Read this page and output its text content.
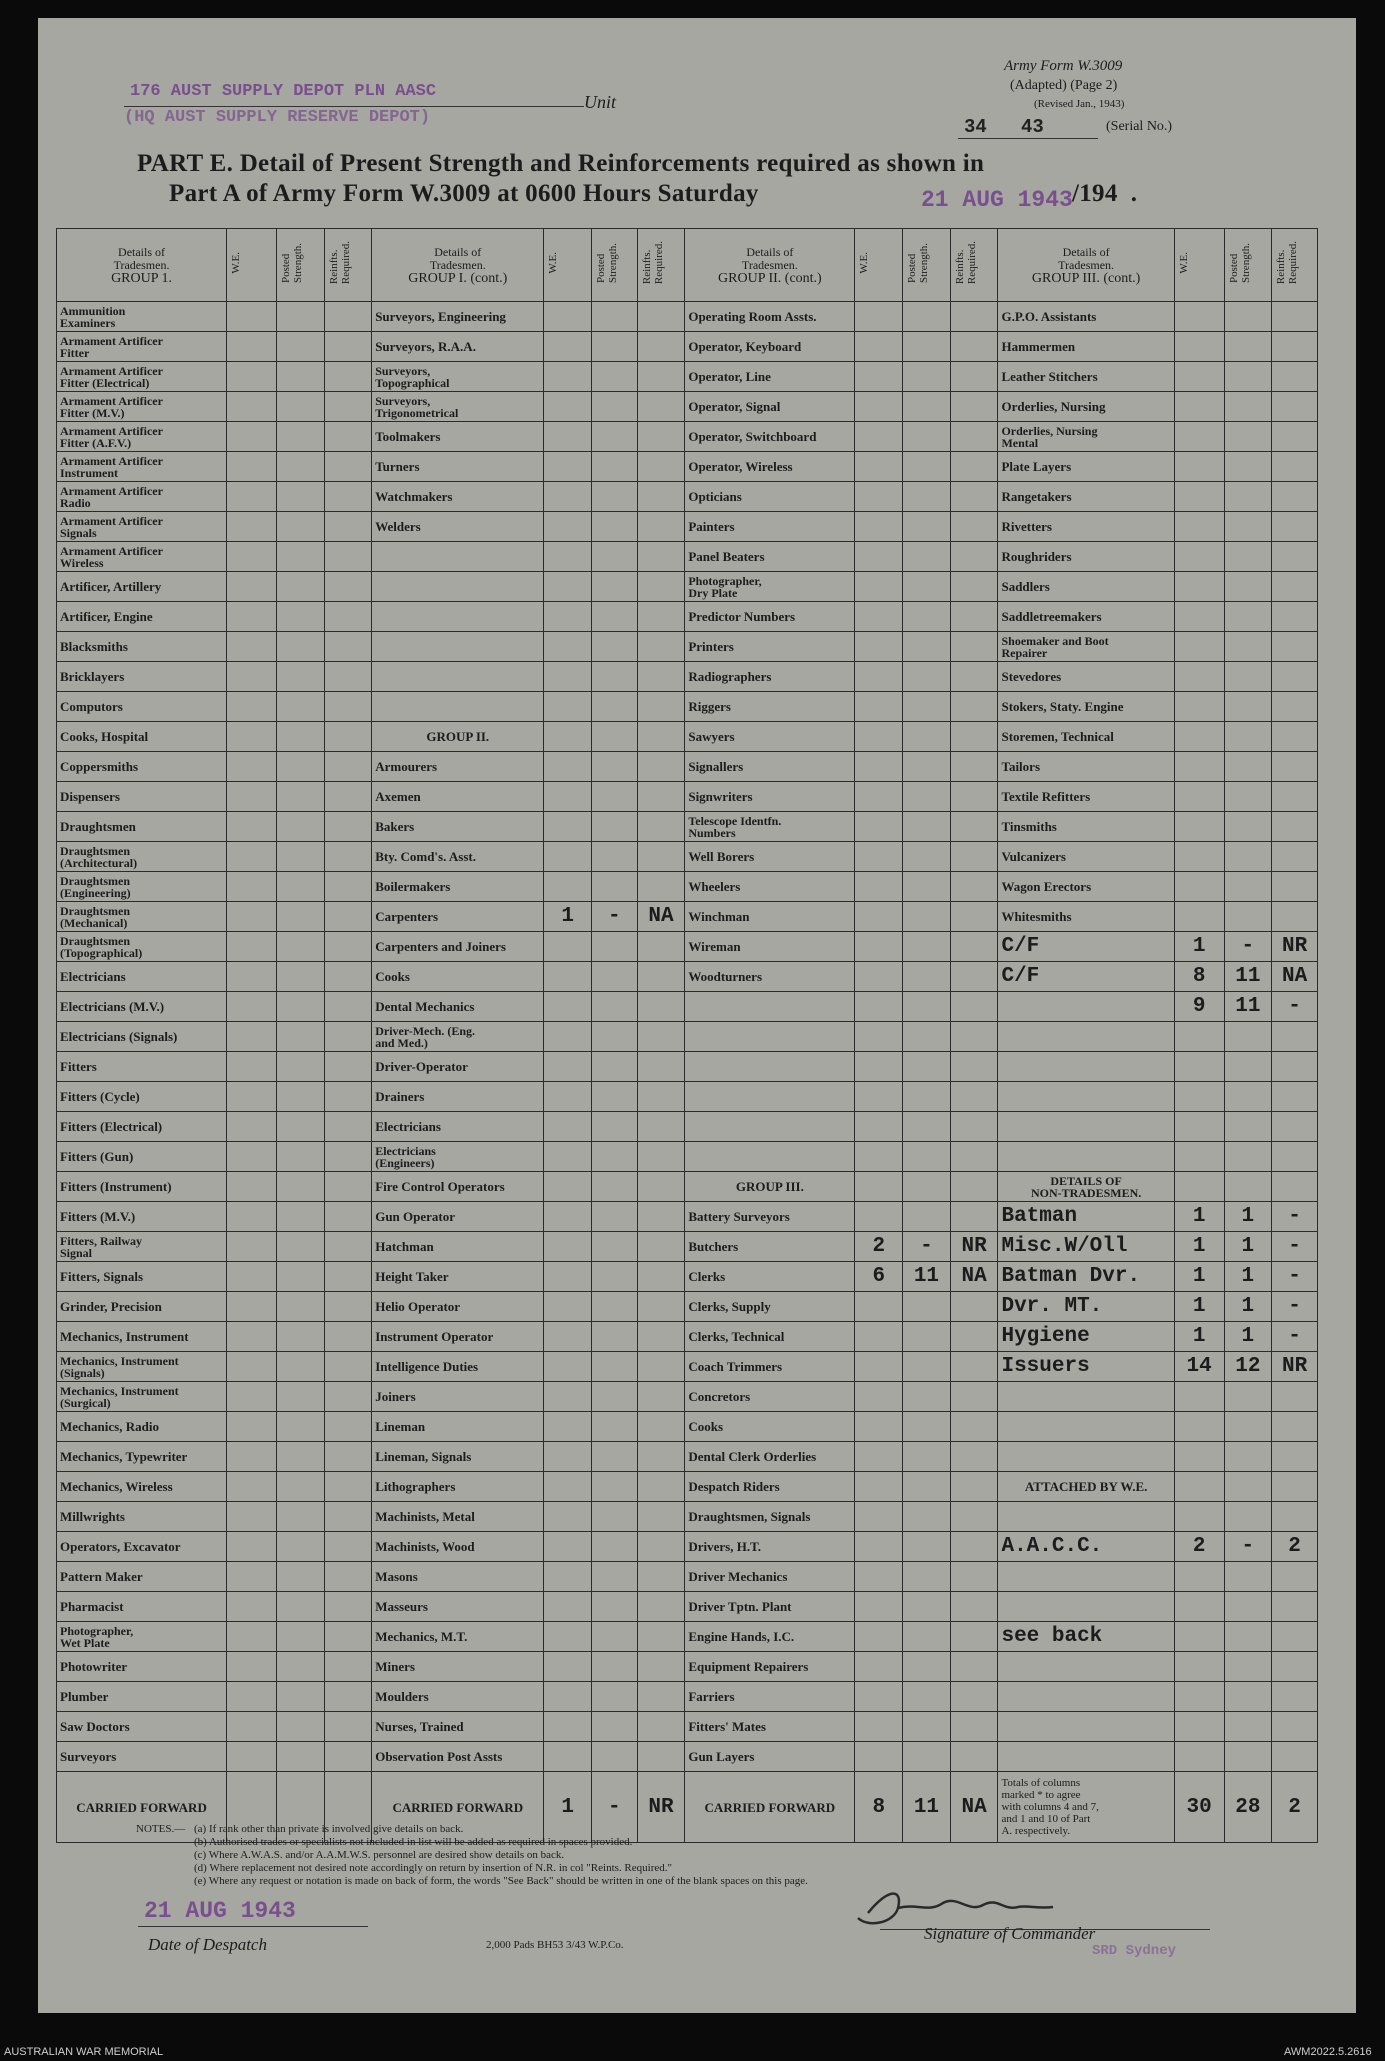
176 AUST SUPPLY DEPOT PLN AASC
(HQ AUST SUPPLY RESERVE DEPOT)
Unit
Army Form W.3009
(Adapted) (Page 2)
(Revised Jan., 1943)
34   43	(Serial No.)
PART E. Detail of Present Strength and Reinforcements required as shown in
Part A of Army Form W.3009 at 0600 Hours Saturday	21 AUG 1943 /194  .
Details of
Tradesmen.
GROUP 1.	W.E.	Posted
Strength.	Reinfts.
Required.	Details of
Tradesmen.
GROUP I. (cont.)	W.E.	Posted
Strength.	Reinfts.
Required.	Details of
Tradesmen.
GROUP II. (cont.)	W.E.	Posted
Strength.	Reinfts.
Required.	Details of
Tradesmen.
GROUP III. (cont.)	W.E.	Posted
Strength.	Reinfts.
Required.
Ammunition
Examiners				Surveyors, Engineering				Operating Room Assts.				G.P.O. Assistants			
Armament Artificer
Fitter				Surveyors, R.A.A.				Operator, Keyboard				Hammermen			
Armament Artificer
Fitter (Electrical)				Surveyors,
Topographical				Operator, Line				Leather Stitchers			
Armament Artificer
Fitter (M.V.)				Surveyors,
Trigonometrical				Operator, Signal				Orderlies, Nursing			
Armament Artificer
Fitter (A.F.V.)				Toolmakers				Operator, Switchboard				Orderlies, Nursing
Mental			
Armament Artificer
Instrument				Turners				Operator, Wireless				Plate Layers			
Armament Artificer
Radio				Watchmakers				Opticians				Rangetakers			
Armament Artificer
Signals				Welders				Painters				Rivetters			
Armament Artificer
Wireless								Panel Beaters				Roughriders			
Artificer, Artillery								Photographer,
Dry Plate				Saddlers			
Artificer, Engine								Predictor Numbers				Saddletreemakers			
Blacksmiths								Printers				Shoemaker and Boot
Repairer			
Bricklayers								Radiographers				Stevedores			
Computors								Riggers				Stokers, Staty. Engine			
Cooks, Hospital				GROUP II.				Sawyers				Storemen, Technical			
Coppersmiths				Armourers				Signallers				Tailors			
Dispensers				Axemen				Signwriters				Textile Refitters			
Draughtsmen				Bakers				Telescope Identfn.
Numbers				Tinsmiths			
Draughtsmen
(Architectural)				Bty. Comd's. Asst.				Well Borers				Vulcanizers			
Draughtsmen
(Engineering)				Boilermakers				Wheelers				Wagon Erectors			
Draughtsmen
(Mechanical)				Carpenters	1	-	NA	Winchman				Whitesmiths			
Draughtsmen
(Topographical)				Carpenters and Joiners				Wireman				C/F	1	-	NR
Electricians				Cooks				Woodturners				C/F	8	11	NA
Electricians (M.V.)				Dental Mechanics									9	11	-
Electricians (Signals)				Driver-Mech. (Eng.
and Med.)											
Fitters				Driver-Operator											
Fitters (Cycle)				Drainers											
Fitters (Electrical)				Electricians											
Fitters (Gun)				Electricians
(Engineers)											
Fitters (Instrument)				Fire Control Operators				GROUP III.				DETAILS OF
NON-TRADESMEN.			
Fitters (M.V.)				Gun Operator				Battery Surveyors				Batman	1	1	-
Fitters, Railway
Signal				Hatchman				Butchers	2	-	NR	Misc.W/Oll	1	1	-
Fitters, Signals				Height Taker				Clerks	6	11	NA	Batman Dvr.	1	1	-
Grinder, Precision				Helio Operator				Clerks, Supply				Dvr. MT.	1	1	-
Mechanics, Instrument				Instrument Operator				Clerks, Technical				Hygiene	1	1	-
Mechanics, Instrument
(Signals)				Intelligence Duties				Coach Trimmers				Issuers	14	12	NR
Mechanics, Instrument
(Surgical)				Joiners				Concretors							
Mechanics, Radio				Lineman				Cooks							
Mechanics, Typewriter				Lineman, Signals				Dental Clerk Orderlies							
Mechanics, Wireless				Lithographers				Despatch Riders				ATTACHED BY W.E.			
Millwrights				Machinists, Metal				Draughtsmen, Signals							
Operators, Excavator				Machinists, Wood				Drivers, H.T.				A.A.C.C.	2	-	2
Pattern Maker				Masons				Driver Mechanics							
Pharmacist				Masseurs				Driver Tptn. Plant							
Photographer,
Wet Plate				Mechanics, M.T.				Engine Hands, I.C.				see back			
Photowriter				Miners				Equipment Repairers							
Plumber				Moulders				Farriers							
Saw Doctors				Nurses, Trained				Fitters' Mates							
Surveyors				Observation Post Assts				Gun Layers							
CARRIED FORWARD				CARRIED FORWARD	1	-	NR	CARRIED FORWARD	8	11	NA	Totals of columns
marked * to agree
with columns 4 and 7,
and 1 and 10 of Part
A. respectively.	30	28	2
NOTES.— (a) If rank other than private is involved give details on back.
(b) Authorised trades or specialists not included in list will be added as required in spaces provided.
(c) Where A.W.A.S. and/or A.A.M.W.S. personnel are desired show details on back.
(d) Where replacement not desired note accordingly on return by insertion of N.R. in col "Reints. Required."
(e) Where any request or notation is made on back of form, the words "See Back" should be written in one of the blank spaces on this page.
21 AUG 1943
Date of Despatch	2,000 Pads BH53 3/43 W.P.Co.
Signature of Commander
SRD Sydney
AUSTRALIAN WAR MEMORIAL	AWM2022.5.2616
